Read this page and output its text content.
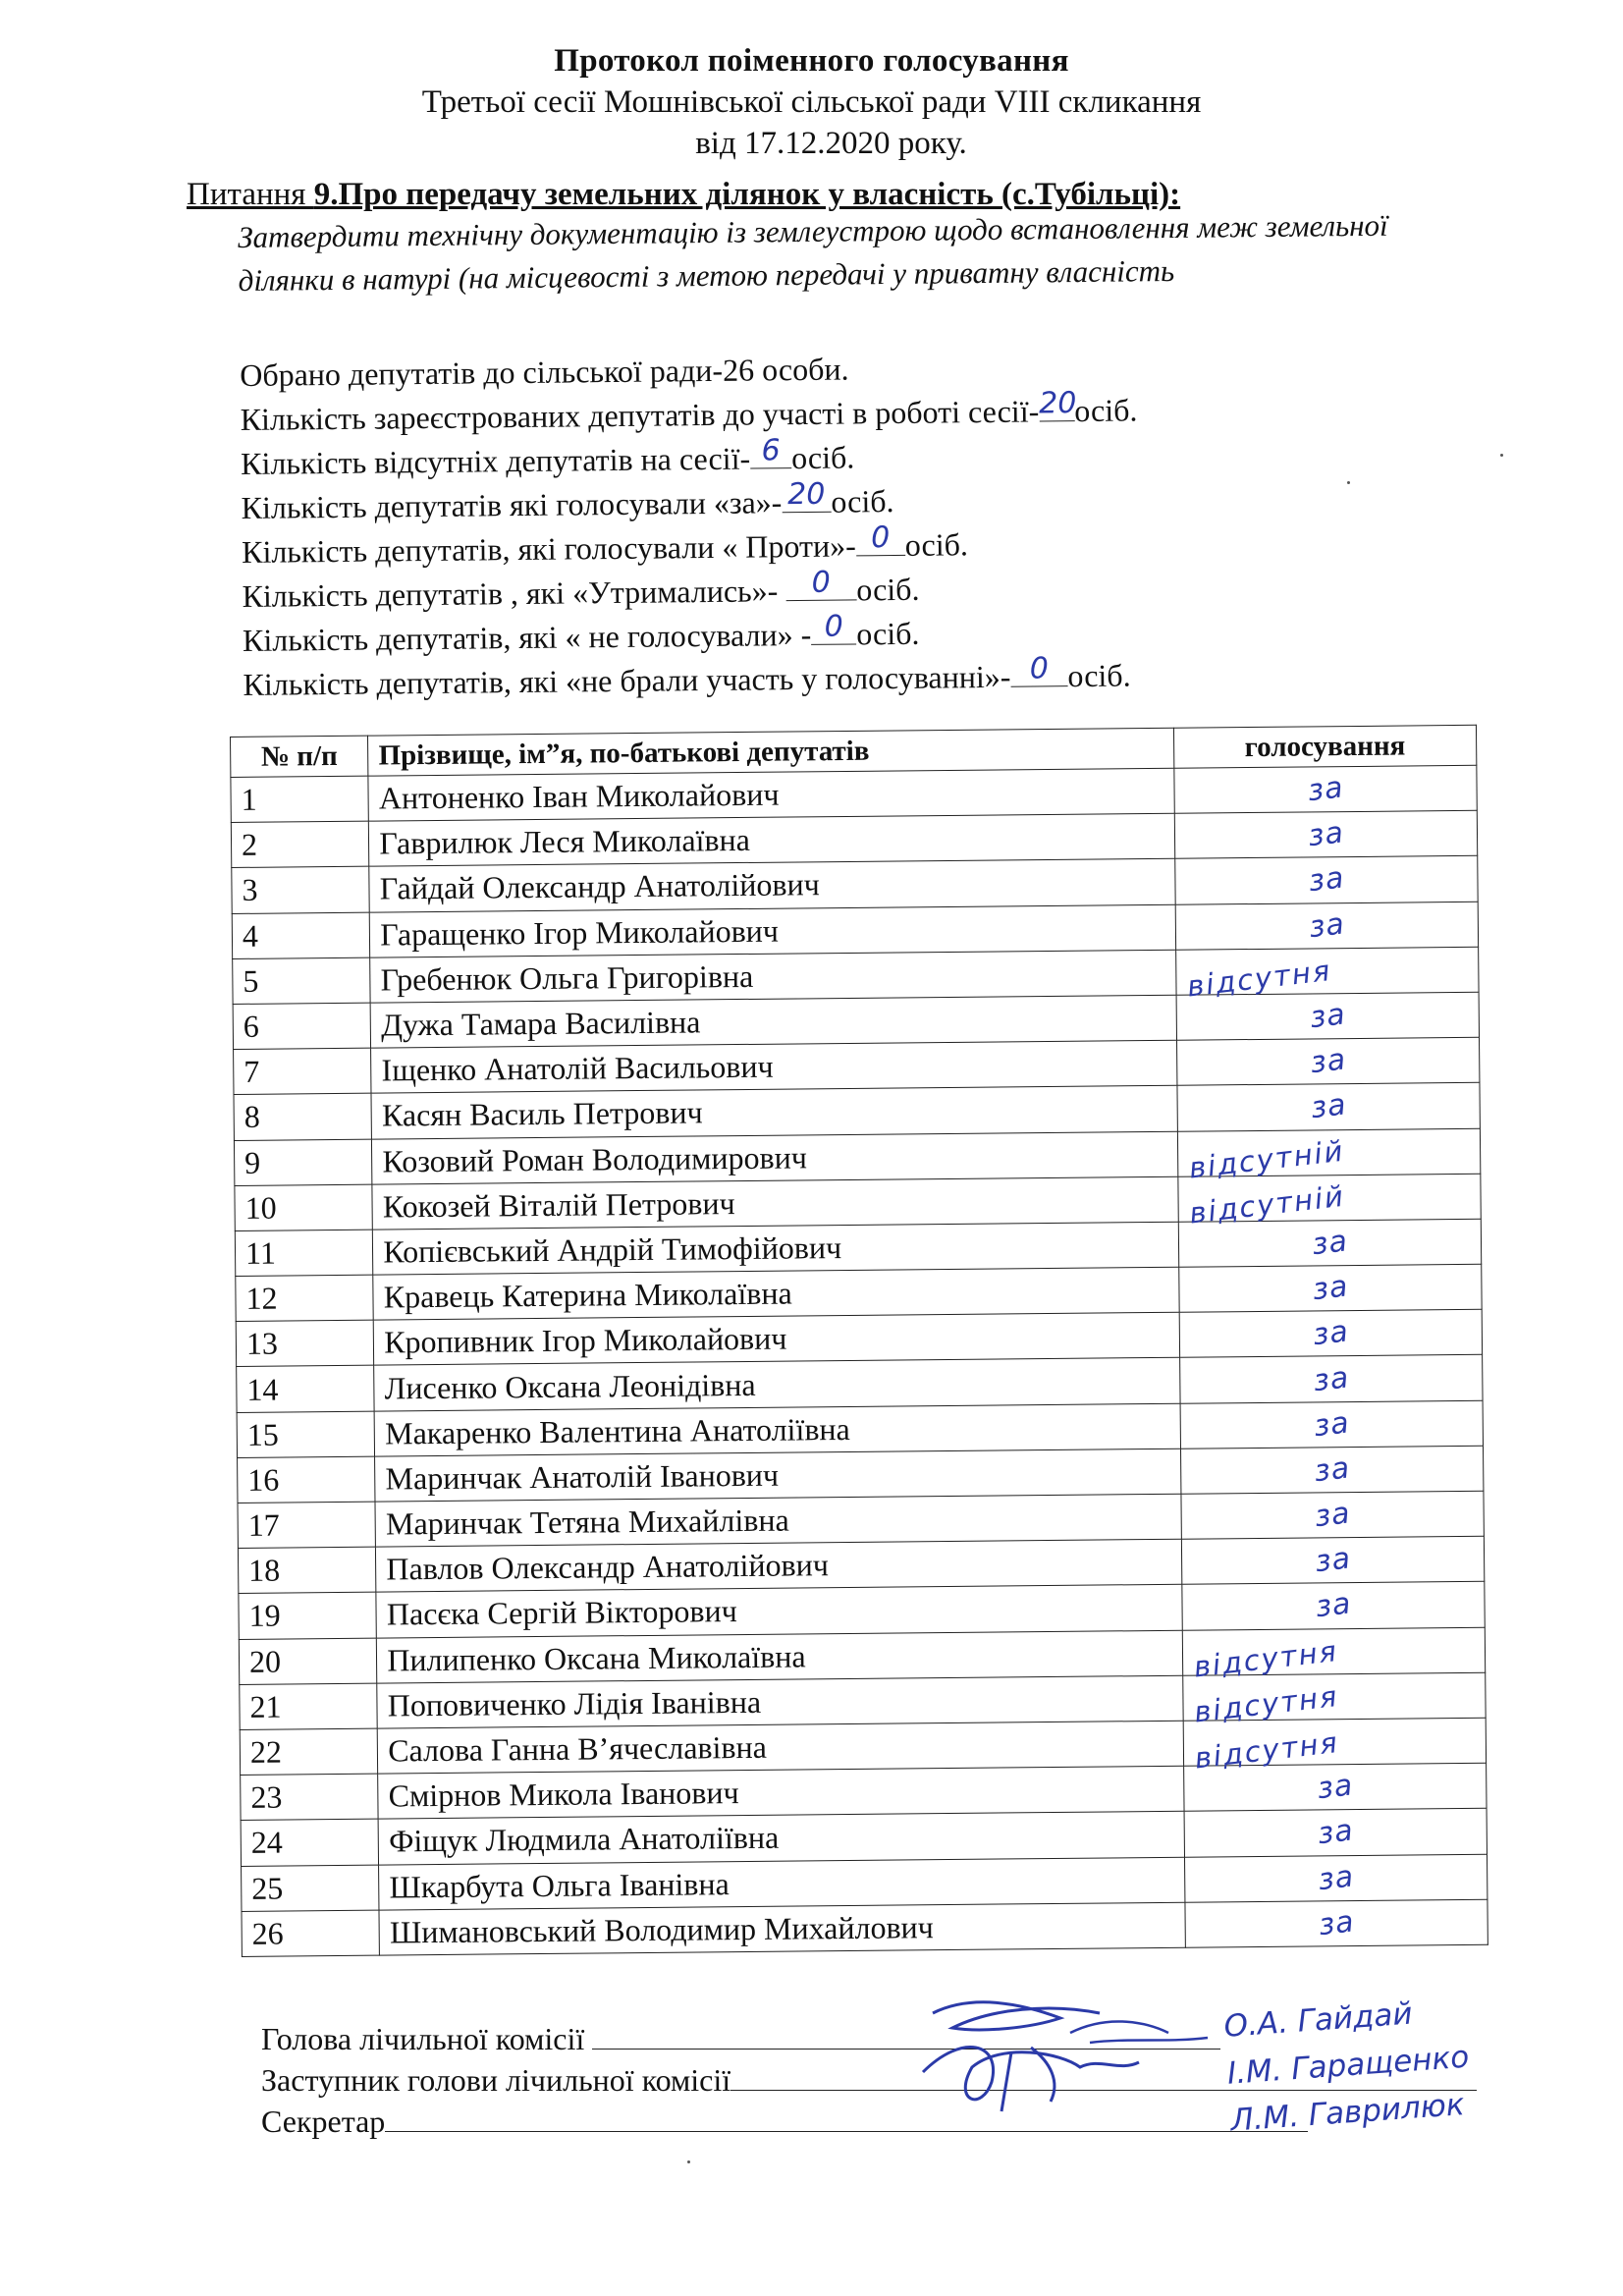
Протокол поіменного голосування
Третьої сесії Мошнівської сільської ради VIII скликання
від 17.12.2020 року.
Питання 9.Про передачу земельних ділянок у власність (с.Тубільці):
Затвердити технічну документацію із землеустрою щодо встановлення меж земельної ділянки в натурі (на місцевості з метою передачі у приватну власність
Обрано депутатів до сільської ради-26 особи.
Кількість зареєстрованих депутатів до участі в роботі сесії- 20
осіб.
Кількість відсутніх депутатів на сесії- 6 осіб.
Кількість депутатів які голосували «за»- 20 осіб.
Кількість депутатів, які голосували « Проти»- 0 осіб.
Кількість депутатів , які «Утримались»- 0 осіб.
Кількість депутатів, які « не голосували» - 0 осіб.
Кількість депутатів, які «не брали участь у голосуванні»- 0 осіб.
№ п/п	Прізвище, ім”я, по-батькові депутатів	голосування
1	Антоненко Іван Миколайович	за

2	Гаврилюк Леся Миколаївна	за

3	Гайдай Олександр Анатолійович	за

4	Гаращенко Ігор Миколайович	за

5	Гребенюк Ольга Григорівна	відсутня

6	Дужа Тамара Василівна	за

7	Іщенко Анатолій Васильович	за

8	Касян Василь Петрович	за

9	Козовий Роман Володимирович	відсутній

10	Кокозей Віталій Петрович	відсутній

11	Копієвський Андрій Тимофійович	за

12	Кравець Катерина Миколаївна	за

13	Кропивник Ігор Миколайович	за

14	Лисенко Оксана Леонідівна	за

15	Макаренко Валентина Анатоліївна	за

16	Маринчак Анатолій Іванович	за

17	Маринчак Тетяна Михайлівна	за

18	Павлов Олександр Анатолійович	за

19	Пасєка Сергій Вікторович	за

20	Пилипенко Оксана Миколаївна	відсутня

21	Поповиченко Лідія Іванівна	відсутня

22	Салова Ганна В’ячеславівна	відсутня

23	Смірнов Микола Іванович	за

24	Фіщук Людмила Анатоліївна	за

25	Шкарбута Ольга Іванівна	за

26	Шимановський Володимир Михайлович	за
Голова лічильної комісії
Заступник голови лічильної комісії
Секретар
О.А. Гайдай
І.М. Гаращенко
Л.М. Гаврилюк
